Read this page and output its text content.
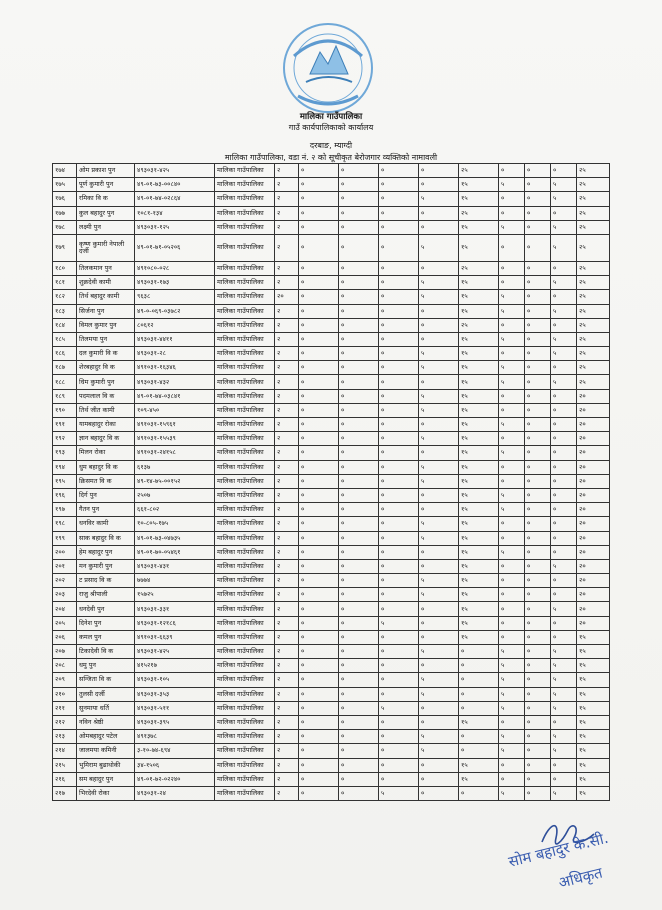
मालिका गाउँपालिका
गाउँ कार्यपालिकाको कार्यालय
दरबाङ, म्याग्दी
मालिका गाउँपालिका, वडा नं. २ को सूचीकृत बेरोजगार व्यक्तिको नामावली
१७४	ओम प्रकाश पुन	४९३०३१-४२५	मालिका गाउँपालिका	२	०	०	०	०	२५	०	०	०	२५
१७५	पूर्ण कुमारी पुन	४९-०१-७३-००८४०	मालिका गाउँपालिका	२	०	०	०	०	१५	५	०	५	२५
१७६	रमिका वि क	४९-०१-७४-०२८६४	मालिका गाउँपालिका	२	०	०	०	५	१५	०	०	५	२५
१७७	कुल बहादुर पुन	१०८१-१३४	मालिका गाउँपालिका	२	०	०	०	०	२५	०	०	०	२५
१७८	लक्ष्मी पुन	४९३०३१-१२५	मालिका गाउँपालिका	२	०	०	०	०	१५	५	०	५	२५
१७९	कृष्ण कुमारी नेपाली दर्जी	४९-०१-७१-०५२०६	मालिका गाउँपालिका	२	०	०	०	५	१५	०	०	५	२५
१८०	तिलकमान पुन	४९१०८०-०२८	मालिका गाउँपालिका	२	०	०	०	०	२५	०	०	०	२५
१८१	शुक्रदेवी कामी	४९३०३१-१७३	मालिका गाउँपालिका	२	०	०	०	५	१५	०	०	५	२५
१८२	तिर्थ बहादुर कामी	९६३८	मालिका गाउँपालिका	२०	०	०	०	५	१५	५	०	०	२५
१८३	सिर्जना पुन	४९-०-०६९-०३७८२	मालिका गाउँपालिका	२	०	०	०	०	१५	५	०	५	२५
१८४	विमल कुमार पुन	८०६१२	मालिका गाउँपालिका	२	०	०	०	०	२५	०	०	०	२५
१८५	तिलमया पुन	४९३०३१-४४११	मालिका गाउँपालिका	२	०	०	०	०	१५	५	०	५	२५
१८६	दल कुमारी वि क	४९३०३१-२८	मालिका गाउँपालिका	२	०	०	०	५	१५	०	०	५	२५
१८७	शेरबहादुर वि क	४९१०३१-१६३४६	मालिका गाउँपालिका	२	०	०	०	५	१५	५	०	०	२५
१८८	धिम कुमारी पुन	४९३०३१-४३२	मालिका गाउँपालिका	२	०	०	०	०	१५	५	०	५	२५
१८९	पदमलाल वि क	४९-०१-७४-०३८४१	मालिका गाउँपालिका	२	०	०	०	५	१५	०	०	०	२०
१९०	तिर्थ जीत कामी	१०९-४५०	मालिका गाउँपालिका	२	०	०	०	५	१५	०	०	०	२०
१९१	यामबहादुर रोका	४९१०३१-१५९६१	मालिका गाउँपालिका	२	०	०	०	०	१५	५	०	०	२०
१९२	ज्ञान बहादुर वि क	४९१०३१-१५५३९	मालिका गाउँपालिका	२	०	०	०	५	१५	०	०	०	२०
१९३	मिलन रोका	४९१०३१-२४१५८	मालिका गाउँपालिका	२	०	०	०	०	१५	५	०	०	२०
१९४	धुम बहादुर वि क	६१३७	मालिका गाउँपालिका	२	०	०	०	५	१५	०	०	०	२०
१९५	क्रिसमत वि क	४९-१४-७५-००१५२	मालिका गाउँपालिका	२	०	०	०	५	१५	०	०	०	२०
१९६	दिर्ग पुन	२५०७	मालिका गाउँपालिका	२	०	०	०	०	१५	५	०	०	२०
१९७	गैतन पुन	६६१-८०२	मालिका गाउँपालिका	२	०	०	०	०	१५	५	०	०	२०
१९८	धनविर कामी	१०-८०५-१७५	मालिका गाउँपालिका	२	०	०	०	५	१५	०	०	०	२०
१९९	साक बहादुर वि क	४९-०१-७३-०४७३५	मालिका गाउँपालिका	२	०	०	०	५	१५	०	०	०	२०
२००	हेम बहादुर पुन	४९-०१-७०-०५४६१	मालिका गाउँपालिका	२	०	०	०	०	१५	५	०	०	२०
२०१	मन कुमारी पुन	४९३०३१-४३१	मालिका गाउँपालिका	२	०	०	०	०	१५	०	०	५	२०
२०२	ट प्रसाद वि क	७७७४	मालिका गाउँपालिका	२	०	०	०	५	१५	०	०	०	२०
२०३	राजु श्रीपाली	१५७२५	मालिका गाउँपालिका	२	०	०	०	५	१५	०	०	०	२०
२०४	धनदेवी पुन	४९३०३१-३३१	मालिका गाउँपालिका	२	०	०	०	०	१५	०	०	५	२०
२०५	दिनेश पुन	४९३०३१-१२१८६	मालिका गाउँपालिका	२	०	०	५	०	१५	०	०	०	२०
२०६	कमल पुन	४९१०३१-६६३९	मालिका गाउँपालिका	२	०	०	०	०	१५	०	०	०	१५
२०७	टिकादेवी वि क	४९३०३१-४२५	मालिका गाउँपालिका	२	०	०	०	५	०	५	०	५	१५
२०८	धमु पुन	४१५२१७	मालिका गाउँपालिका	२	०	०	०	०	०	५	०	५	१५
२०९	सन्जिता वि क	४९३०३१-१०५	मालिका गाउँपालिका	२	०	०	०	५	०	५	०	५	१५
२१०	तुलसी दर्जी	४९३०३१-३५३	मालिका गाउँपालिका	२	०	०	०	५	०	५	०	५	१५
२११	सुनमाया धर्ति	४९३०३१-५११	मालिका गाउँपालिका	२	०	०	५	०	०	५	०	५	१५
२१२	नविन श्रेष्ठी	४९३०३१-३९५	मालिका गाउँपालिका	२	०	०	०	०	१५	०	०	०	१५
२१३	ओमबहादुर पटेल	४९१३७८	मालिका गाउँपालिका	२	०	०	०	५	०	५	०	५	१५
२१४	जालमया कमिनी	३-१०-७४-६९४	मालिका गाउँपालिका	२	०	०	०	५	०	५	०	५	१५
२१५	भुमिराम बुढाथोकी	३४-१५०६	मालिका गाउँपालिका	२	०	०	०	०	१५	०	०	०	१५
२१६	सम बहादुर पुन	४९-०१-७२-०२२४०	मालिका गाउँपालिका	२	०	०	०	०	१५	०	०	०	१५
२१७	भिरदेवी रोका	४९३०३१-२४	मालिका गाउँपालिका	२	०	०	५	०	०	५	०	५	१५
सोम बहादुर के.सी.
अधिकृत
